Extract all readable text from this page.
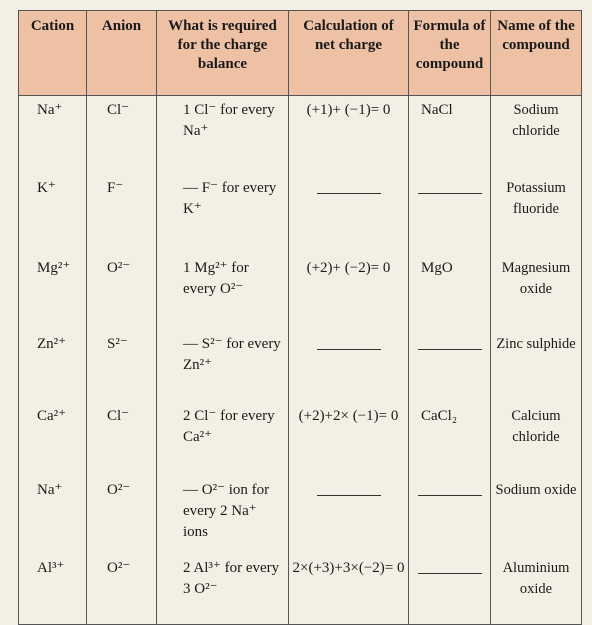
Cation	Anion	What is required for the charge balance	Calculation of net charge	Formula of the compound	Name of the compound
Na⁺	Cl⁻	1 Cl⁻ for every Na⁺	(+1)+ (−1)= 0	NaCl	Sodium chloride
K⁺	F⁻	— F⁻ for every K⁺			Potassium fluoride
Mg²⁺	O²⁻	1 Mg²⁺ for every O²⁻	(+2)+ (−2)= 0	MgO	Magnesium oxide
Zn²⁺	S²⁻	— S²⁻ for every Zn²⁺			Zinc sulphide
Ca²⁺	Cl⁻	2 Cl⁻ for every Ca²⁺	(+2)+2× (−1)= 0	CaCl₂	Calcium chloride
Na⁺	O²⁻	— O²⁻ ion for every 2 Na⁺ ions			Sodium oxide
Al³⁺	O²⁻	2 Al³⁺ for every 3 O²⁻	2×(+3)+3×(−2)= 0		Aluminium oxide
